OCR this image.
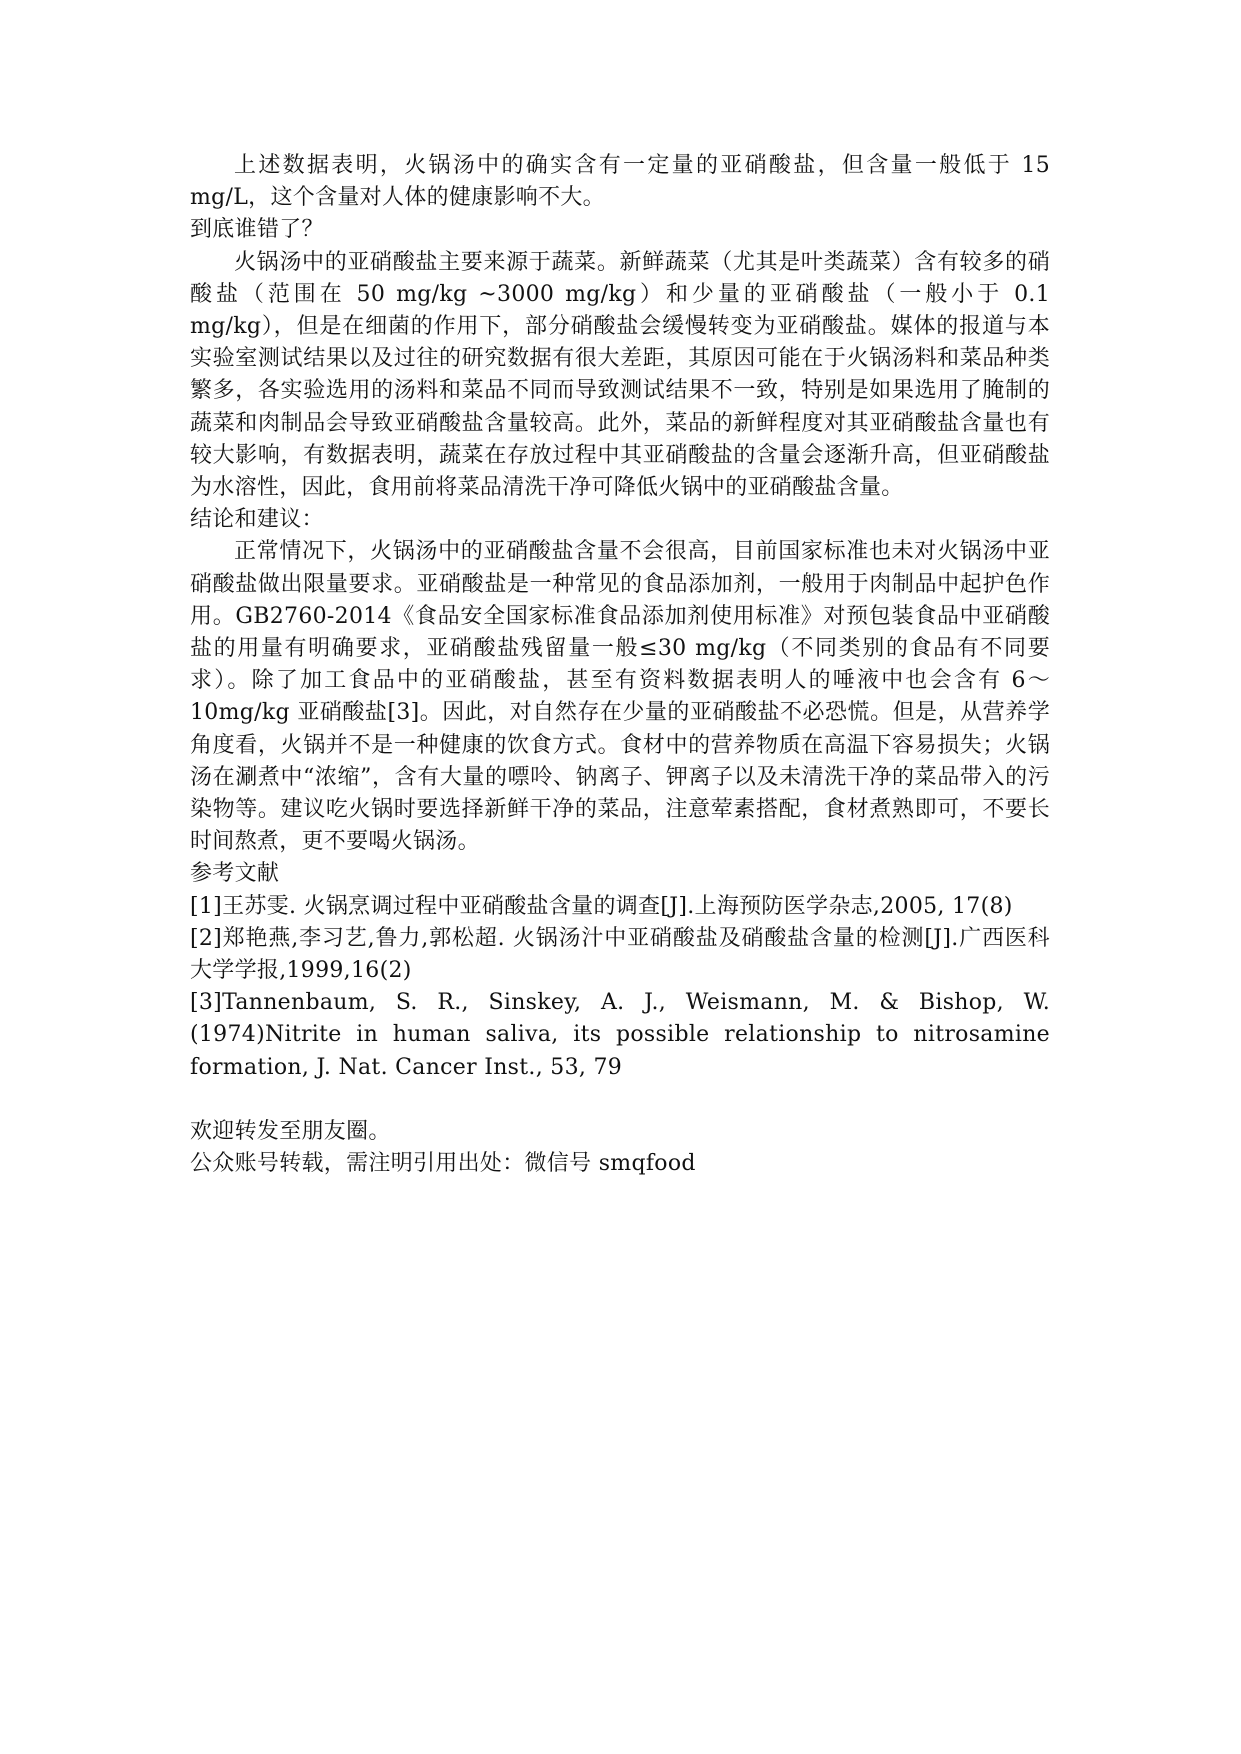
上述数据表明，火锅汤中的确实含有一定量的亚硝酸盐，但含量一般低于 15 mg/L，这个含量对人体的健康影响不大。

到底谁错了？

火锅汤中的亚硝酸盐主要来源于蔬菜。新鲜蔬菜（尤其是叶类蔬菜）含有较多的硝酸盐（范围在 50 mg/kg ~3000 mg/kg）和少量的亚硝酸盐（一般小于 0.1 mg/kg），但是在细菌的作用下，部分硝酸盐会缓慢转变为亚硝酸盐。媒体的报道与本实验室测试结果以及过往的研究数据有很大差距，其原因可能在于火锅汤料和菜品种类繁多，各实验选用的汤料和菜品不同而导致测试结果不一致，特别是如果选用了腌制的蔬菜和肉制品会导致亚硝酸盐含量较高。此外，菜品的新鲜程度对其亚硝酸盐含量也有较大影响，有数据表明，蔬菜在存放过程中其亚硝酸盐的含量会逐渐升高，但亚硝酸盐为水溶性，因此，食用前将菜品清洗干净可降低火锅中的亚硝酸盐含量。

结论和建议：

正常情况下，火锅汤中的亚硝酸盐含量不会很高，目前国家标准也未对火锅汤中亚硝酸盐做出限量要求。亚硝酸盐是一种常见的食品添加剂，一般用于肉制品中起护色作用。GB2760-2014《食品安全国家标准食品添加剂使用标准》对预包装食品中亚硝酸盐的用量有明确要求，亚硝酸盐残留量一般≤30 mg/kg（不同类别的食品有不同要求）。除了加工食品中的亚硝酸盐，甚至有资料数据表明人的唾液中也会含有 6～10mg/kg 亚硝酸盐[3]。因此，对自然存在少量的亚硝酸盐不必恐慌。但是，从营养学角度看，火锅并不是一种健康的饮食方式。食材中的营养物质在高温下容易损失；火锅汤在涮煮中“浓缩”，含有大量的嘌呤、钠离子、钾离子以及未清洗干净的菜品带入的污染物等。建议吃火锅时要选择新鲜干净的菜品，注意荤素搭配，食材煮熟即可，不要长时间熬煮，更不要喝火锅汤。

参考文献

[1]王苏雯. 火锅烹调过程中亚硝酸盐含量的调查[J].上海预防医学杂志,2005, 17(8)

[2]郑艳燕,李习艺,鲁力,郭松超. 火锅汤汁中亚硝酸盐及硝酸盐含量的检测[J].广西医科大学学报,1999,16(2)

[3]Tannenbaum, S. R., Sinskey, A. J., Weismann, M. & Bishop, W. (1974)Nitrite in human saliva, its possible relationship to nitrosamine formation, J. Nat. Cancer Inst., 53, 79

欢迎转发至朋友圈。

公众账号转载，需注明引用出处：微信号 smqfood
